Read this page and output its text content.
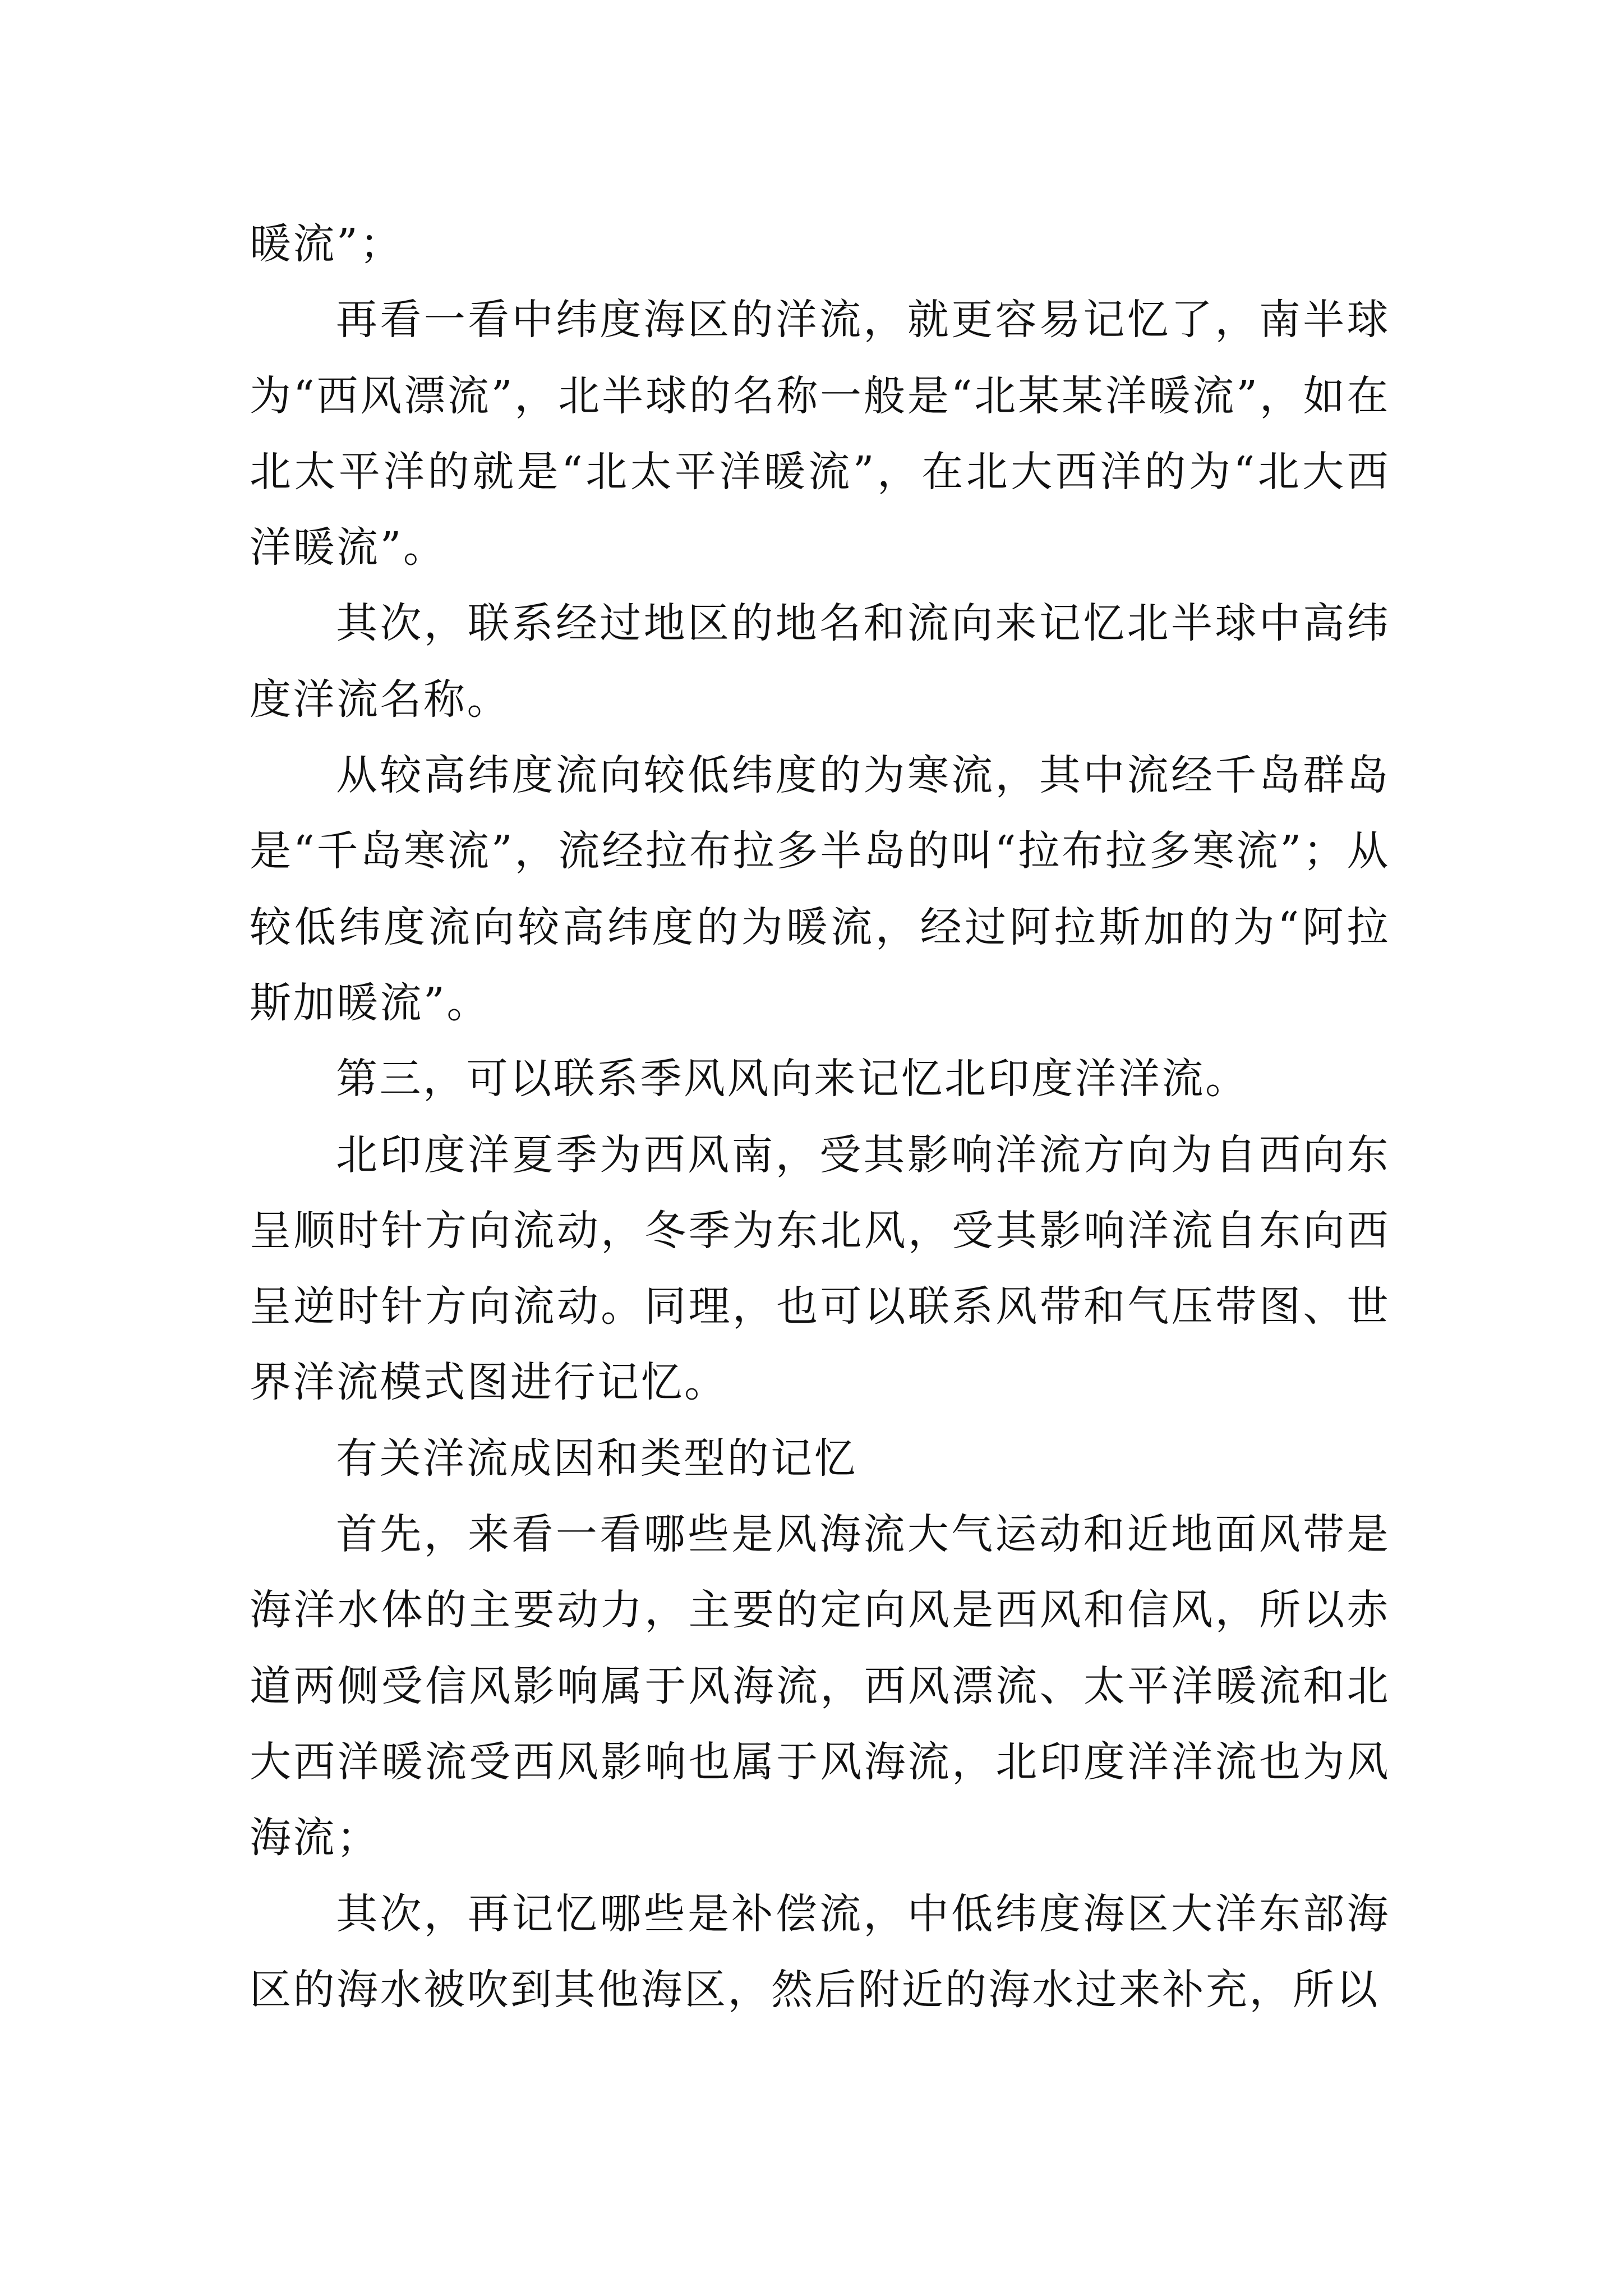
暖流”；

再看一看中纬度海区的洋流，就更容易记忆了，南半球为“西风漂流”，北半球的名称一般是“北某某洋暖流”，如在北太平洋的就是“北太平洋暖流”，在北大西洋的为“北大西洋暖流”。

其次，联系经过地区的地名和流向来记忆北半球中高纬度洋流名称。

从较高纬度流向较低纬度的为寒流，其中流经千岛群岛是“千岛寒流”，流经拉布拉多半岛的叫“拉布拉多寒流”；从较低纬度流向较高纬度的为暖流，经过阿拉斯加的为“阿拉斯加暖流”。

第三，可以联系季风风向来记忆北印度洋洋流。

北印度洋夏季为西风南，受其影响洋流方向为自西向东呈顺时针方向流动，冬季为东北风，受其影响洋流自东向西呈逆时针方向流动。同理，也可以联系风带和气压带图、世界洋流模式图进行记忆。

有关洋流成因和类型的记忆

首先，来看一看哪些是风海流大气运动和近地面风带是海洋水体的主要动力，主要的定向风是西风和信风，所以赤道两侧受信风影响属于风海流，西风漂流、太平洋暖流和北大西洋暖流受西风影响也属于风海流，北印度洋洋流也为风海流；

其次，再记忆哪些是补偿流，中低纬度海区大洋东部海区的海水被吹到其他海区，然后附近的海水过来补充，所以
